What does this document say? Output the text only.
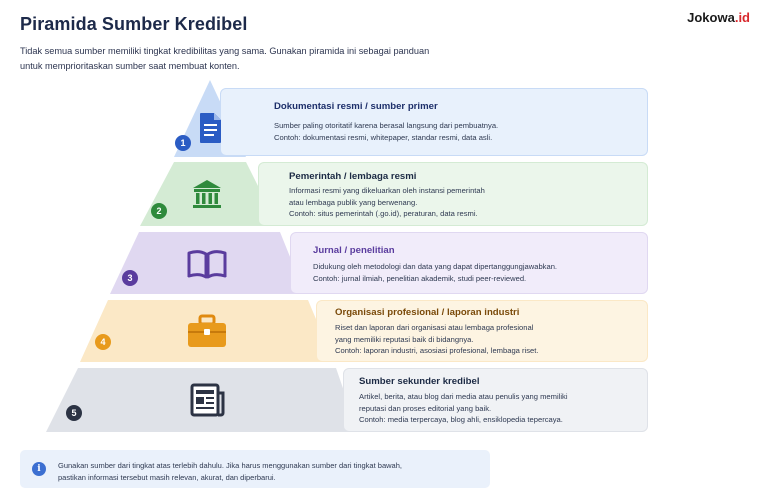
Piramida Sumber Kredibel	Jokowa.id
Tidak semua sumber memiliki tingkat kredibilitas yang sama. Gunakan piramida ini sebagai panduan untuk memprioritaskan sumber saat membuat konten.
Dokumentasi resmi / sumber primer
Sumber paling otoritatif karena berasal langsung dari pembuatnya.
Contoh: dokumentasi resmi, whitepaper, standar resmi, data asli.
Pemerintah / lembaga resmi
Informasi resmi yang dikeluarkan oleh instansi pemerintah
atau lembaga publik yang berwenang.
Contoh: situs pemerintah (.go.id), peraturan, data resmi.
Jurnal / penelitian
Didukung oleh metodologi dan data yang dapat dipertanggungjawabkan.
Contoh: jurnal ilmiah, penelitian akademik, studi peer-reviewed.
Organisasi profesional / laporan industri
Riset dan laporan dari organisasi atau lembaga profesional
yang memiliki reputasi baik di bidangnya.
Contoh: laporan industri, asosiasi profesional, lembaga riset.
Sumber sekunder kredibel
Artikel, berita, atau blog dari media atau penulis yang memiliki
reputasi dan proses editorial yang baik.
Contoh: media terpercaya, blog ahli, ensiklopedia tepercaya.
1
2
3
4
5
i	Gunakan sumber dari tingkat atas terlebih dahulu. Jika harus menggunakan sumber dari tingkat bawah,
pastikan informasi tersebut masih relevan, akurat, dan diperbarui.
